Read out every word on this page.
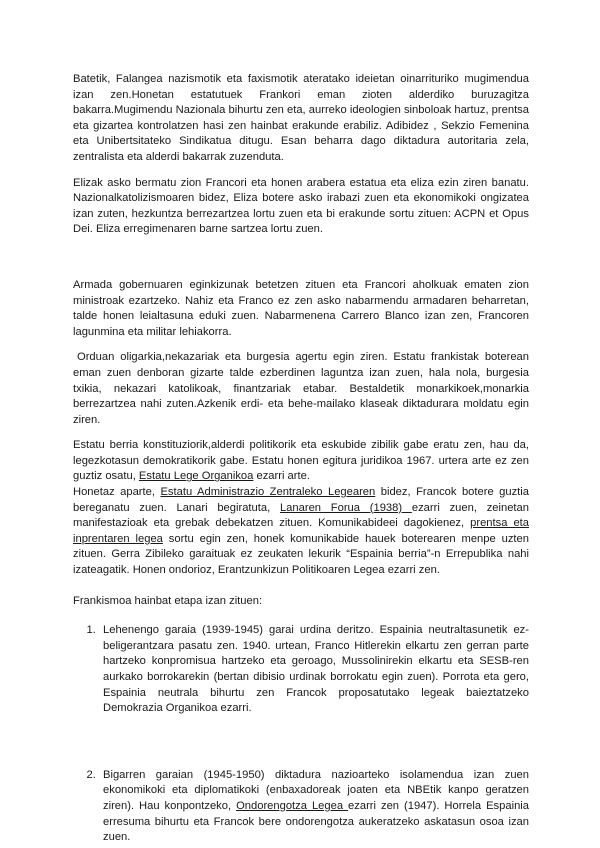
Batetik, Falangea nazismotik eta faxismotik ateratako ideietan oinarrituriko mugimendua izan zen.Honetan estatutuek Frankori eman zioten alderdiko buruzagitza bakarra.Mugimendu Nazionala bihurtu zen eta, aurreko ideologien sinboloak hartuz, prentsa eta gizartea kontrolatzen hasi zen hainbat erakunde erabiliz. Adibidez , Sekzio Femenina eta Unibertsitateko Sindikatua ditugu. Esan beharra dago diktadura autoritaria zela, zentralista eta alderdi bakarrak zuzenduta.

Elizak asko bermatu zion Francori eta honen arabera estatua eta eliza ezin ziren banatu. Nazionalkatolizismoaren bidez, Eliza botere asko irabazi zuen eta ekonomikoki ongizatea izan zuten, hezkuntza berrezartzea lortu zuen eta bi erakunde sortu zituen: ACPN et Opus Dei. Eliza erregimenaren barne sartzea lortu zuen.

Armada gobernuaren eginkizunak betetzen zituen eta Francori aholkuak ematen zion ministroak ezartzeko. Nahiz eta Franco ez zen asko nabarmendu armadaren beharretan, talde honen leialtasuna eduki zuen. Nabarmenena Carrero Blanco izan zen, Francoren lagunmina eta militar lehiakorra.

Orduan oligarkia,nekazariak eta burgesia agertu egin ziren. Estatu frankistak boterean eman zuen denboran gizarte talde ezberdinen laguntza izan zuen, hala nola, burgesia txikia, nekazari katolikoak, finantzariak etabar. Bestaldetik monarkikoek,monarkia berrezartzea nahi zuten.Azkenik erdi- eta behe-mailako klaseak diktadurara moldatu egin ziren.

Estatu berria konstituziorik,alderdi politikorik eta eskubide zibilik gabe eratu zen, hau da, legezkotasun demokratikorik gabe. Estatu honen egitura juridikoa 1967. urtera arte ez zen guztiz osatu, Estatu Lege Organikoa ezarri arte.

Honetaz aparte, Estatu Administrazio Zentraleko Legearen bidez, Francok botere guztia bereganatu zuen. Lanari begiratuta, Lanaren Foruа (1938) ezarri zuen, zeinetan manifestazioak eta grebak debekatzen zituen. Komunikabideei dagokienez, prentsa eta inprentaren legea sortu egin zen, honek komunikabide hauek boterearen menpe uzten zituen. Gerra Zibileko garaituak ez zeukaten lekurik “Espainia berria”-n Errepublika nahi izateagatik. Honen ondorioz, Erantzunkizun Politikoaren Legea ezarri zen.

Frankismoa hainbat etapa izan zituen:

1. Lehenengo garaia (1939-1945) garai urdina deritzo. Espainia neutraltasunetik ez-beligerantzara pasatu zen. 1940. urtean, Franco Hitlerekin elkartu zen gerran parte hartzeko konpromisua hartzeko eta geroago, Mussolinirekin elkartu eta SESB-ren aurkako borrokarekin (bertan dibisio urdinak borrokatu egin zuen). Porrota eta gero, Espainia neutrala bihurtu zen Francok proposatutako legeak baieztatzeko Demokrazia Organikoa ezarri.
2. Bigarren garaian (1945-1950) diktadura nazioarteko isolamendua izan zuen ekonomikoki eta diplomatikoki (enbaxadoreak joaten eta NBEtik kanpo geratzen ziren). Hau konpontzeko, Ondorengotza Legea ezarri zen (1947). Horrela Espainia erresuma bihurtu eta Francok bere ondorengotza aukeratzeko askatasun osoa izan zuen.
